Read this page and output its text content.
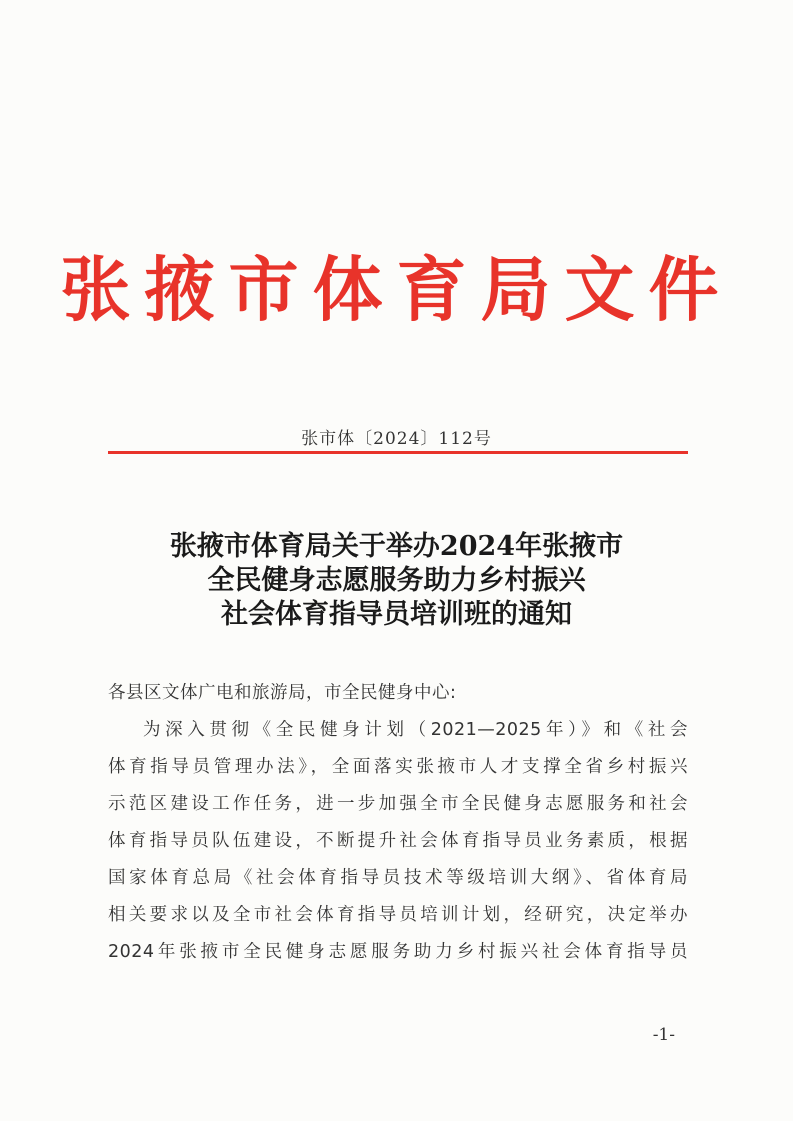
张掖市体育局文件
张市体〔2024〕112号
张掖市体育局关于举办2024年张掖市
全民健身志愿服务助力乡村振兴
社会体育指导员培训班的通知

各县区文体广电和旅游局，市全民健身中心:

为深入贯彻《全民健身计划（2021—2025年）》和《社会

体育指导员管理办法》，全面落实张掖市人才支撑全省乡村振兴

示范区建设工作任务，进一步加强全市全民健身志愿服务和社会

体育指导员队伍建设，不断提升社会体育指导员业务素质，根据

国家体育总局《社会体育指导员技术等级培训大纲》、省体育局

相关要求以及全市社会体育指导员培训计划，经研究，决定举办

2024年张掖市全民健身志愿服务助力乡村振兴社会体育指导员

-1-
